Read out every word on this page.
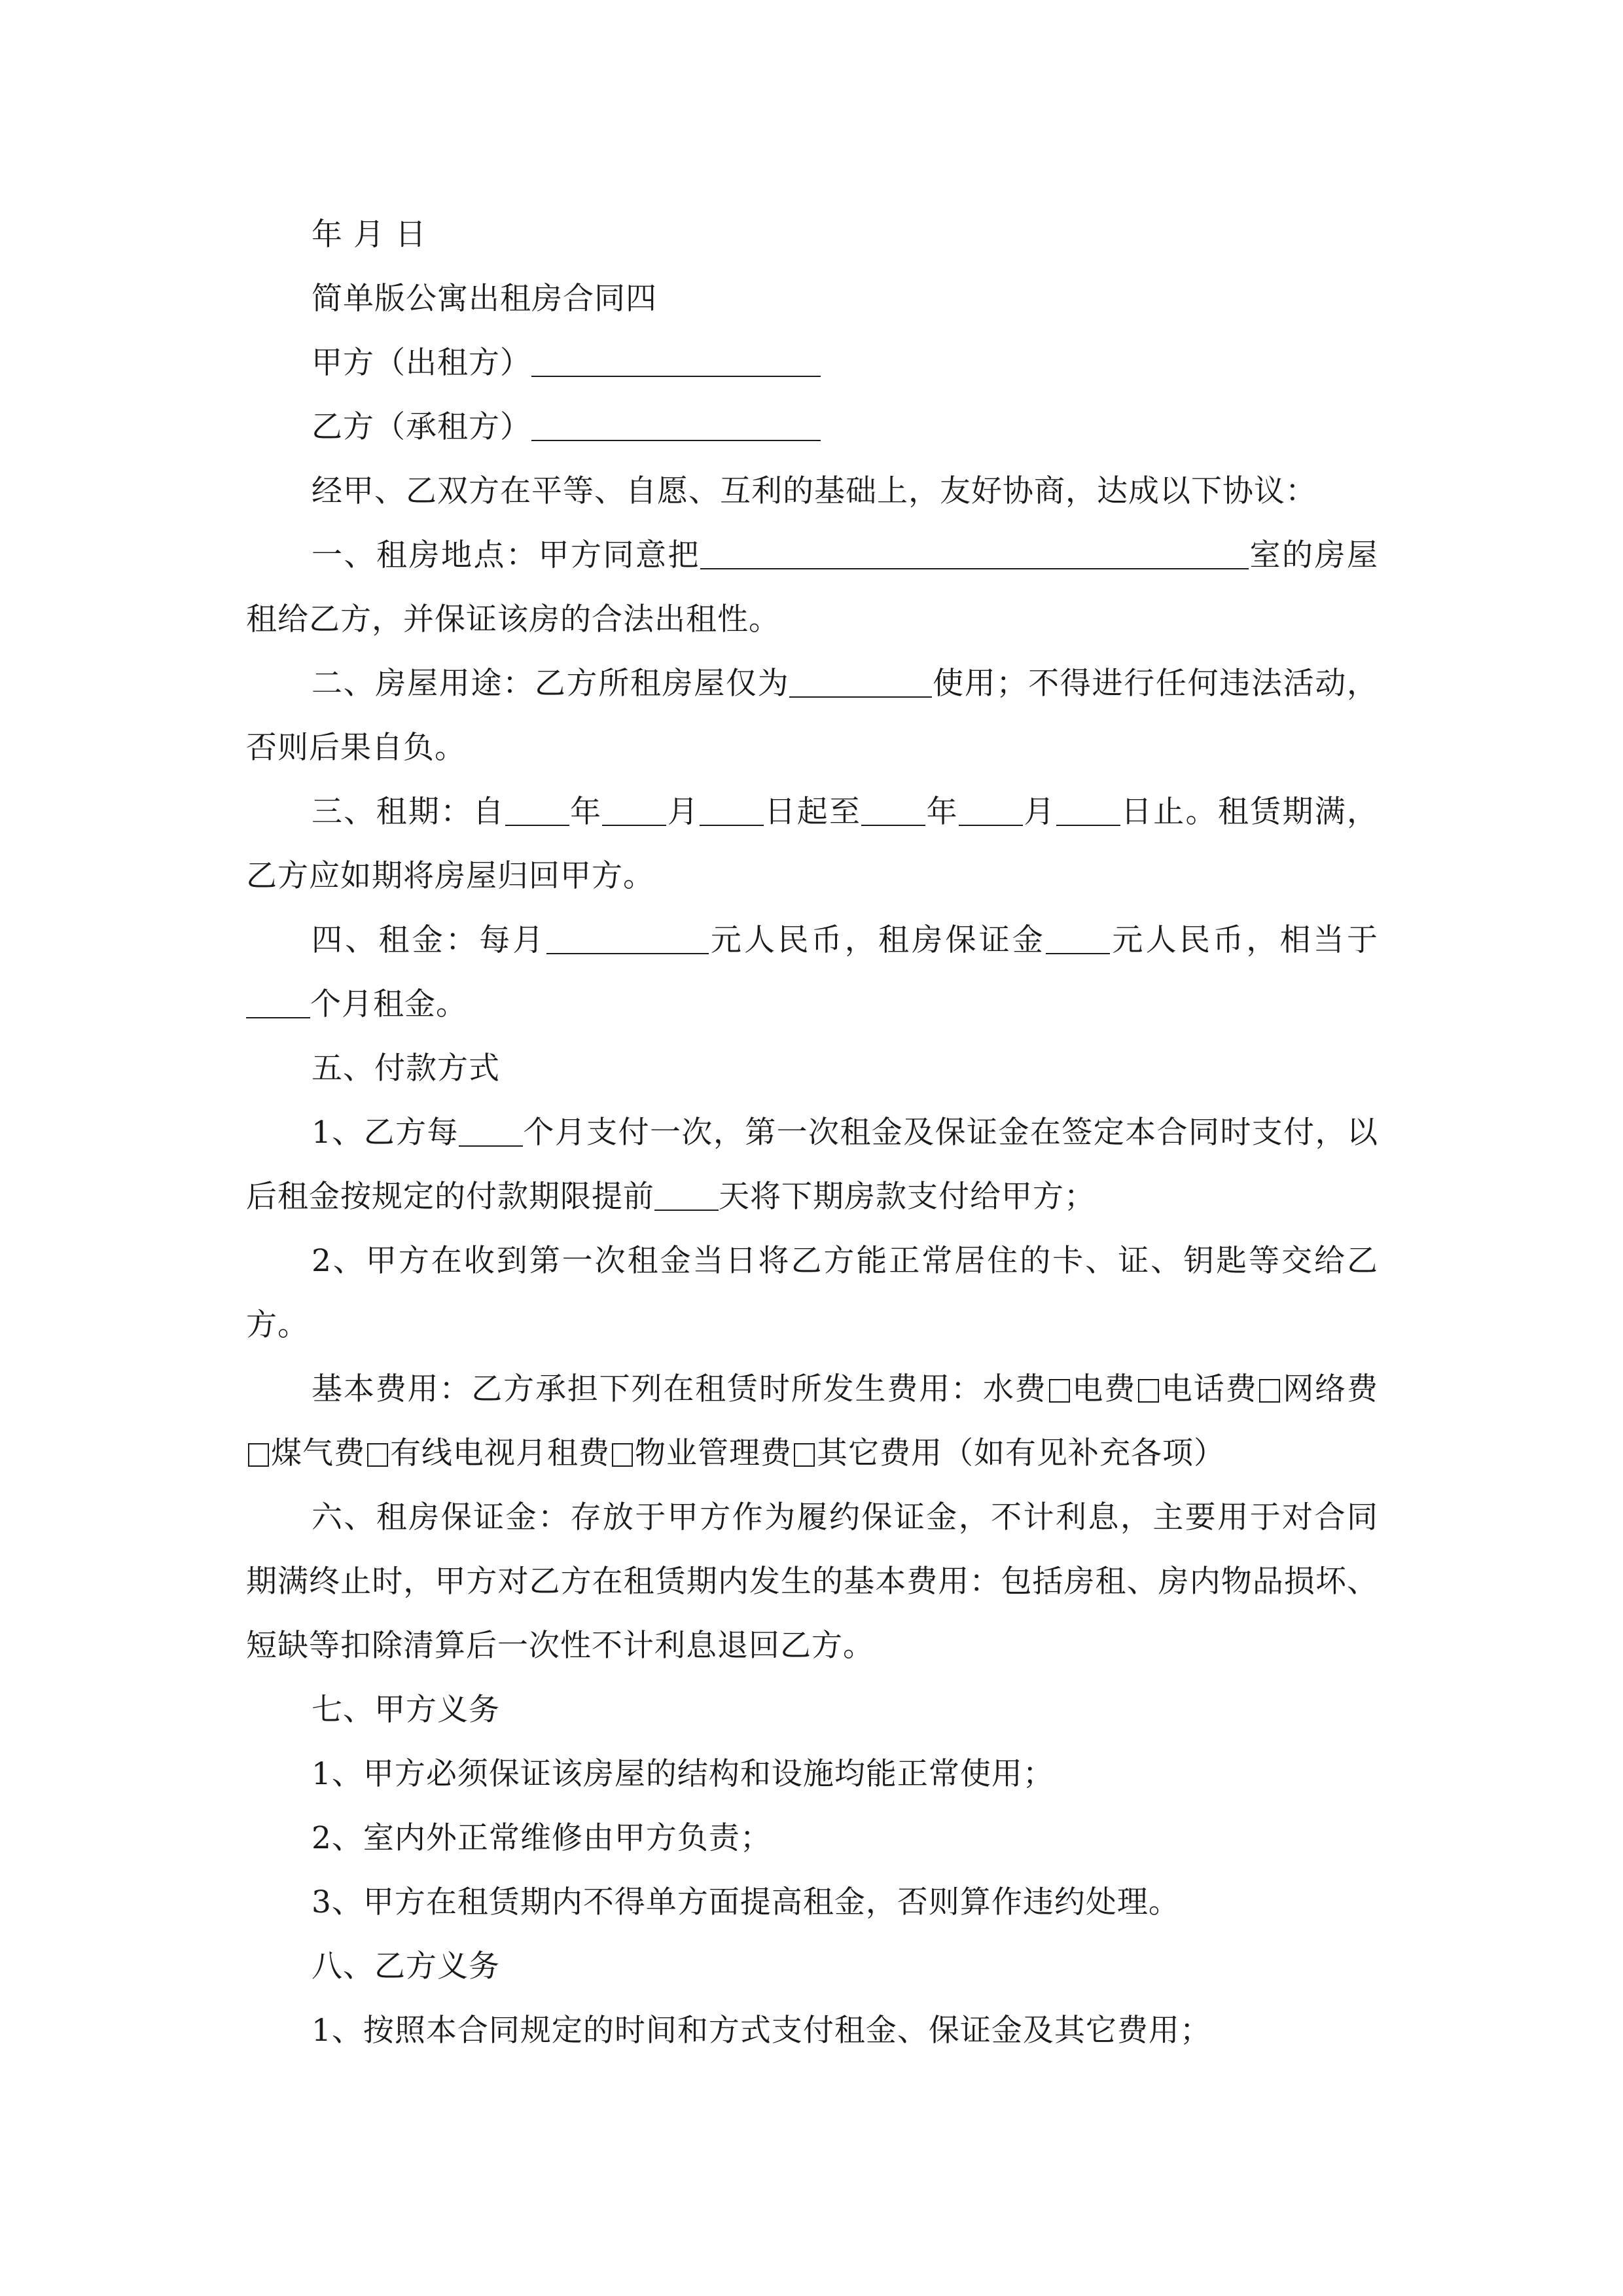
年 月 日

简单版公寓出租房合同四

甲方（出租方）

乙方（承租方）

经甲、乙双方在平等、自愿、互利的基础上，友好协商，达成以下协议：

一、租房地点：甲方同意把	室的房屋租给乙方，并保证该房的合法出租性。

二、房屋用途：乙方所租房屋仅为	使用；不得进行任何违法活动，否则后果自负。

三、租期：自 年 月 日起至 年 月 日止。租赁期满，乙方应如期将房屋归回甲方。

四、租金：每月	元人民币，租房保证金 元人民币，相当于个月租金。

五、付款方式

1、乙方每 个月支付一次，第一次租金及保证金在签定本合同时支付，以后租金按规定的付款期限提前 天将下期房款支付给甲方；

2、甲方在收到第一次租金当日将乙方能正常居住的卡、证、钥匙等交给乙方。

基本费用：乙方承担下列在租赁时所发生费用：水费 电费 电话费 网络费煤气费 有线电视月租费 物业管理费 其它费用（如有见补充各项）

六、租房保证金：存放于甲方作为履约保证金，不计利息，主要用于对合同期满终止时，甲方对乙方在租赁期内发生的基本费用：包括房租、房内物品损坏、短缺等扣除清算后一次性不计利息退回乙方。

七、甲方义务

1、甲方必须保证该房屋的结构和设施均能正常使用；

2、室内外正常维修由甲方负责；

3、甲方在租赁期内不得单方面提高租金，否则算作违约处理。

八、乙方义务

1、按照本合同规定的时间和方式支付租金、保证金及其它费用；
